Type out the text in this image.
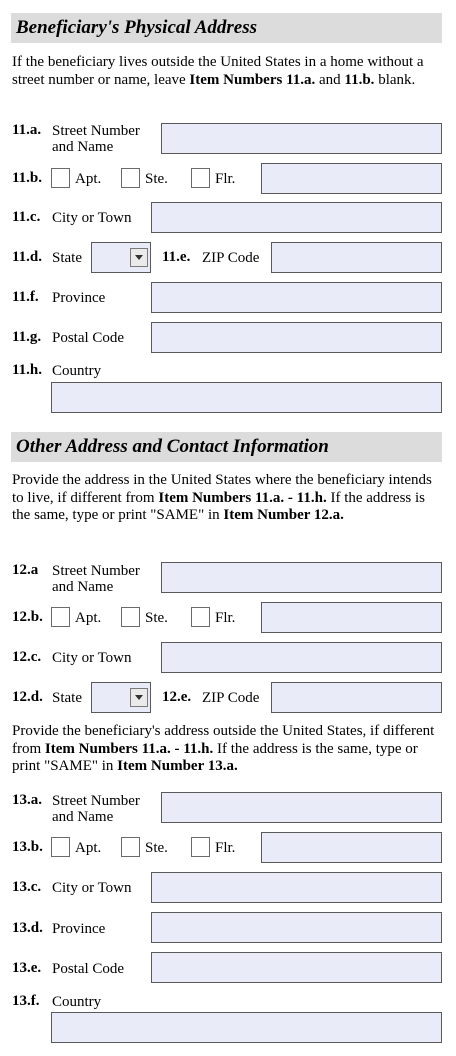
Beneficiary's Physical Address
If the beneficiary lives outside the United States in a home without a street number or name, leave Item Numbers 11.a. and 11.b. blank.
11.a. Street Number
and Name
11.b. Apt.	Ste.	Flr.
11.c. City or Town
11.d. State	11.e. ZIP Code
11.f. Province
11.g. Postal Code
11.h. Country
Other Address and Contact Information
Provide the address in the United States where the beneficiary intends to live, if different from Item Numbers 11.a. - 11.h. If the address is the same, type or print "SAME" in Item Number 12.a.
12.a Street Number
and Name
12.b. Apt.	Ste.	Flr.
12.c. City or Town
12.d. State	12.e. ZIP Code
Provide the beneficiary's address outside the United States, if different from Item Numbers 11.a. - 11.h. If the address is the same, type or print "SAME" in Item Number 13.a.
13.a. Street Number
and Name
13.b. Apt.	Ste.	Flr.
13.c. City or Town
13.d. Province
13.e. Postal Code
13.f. Country
